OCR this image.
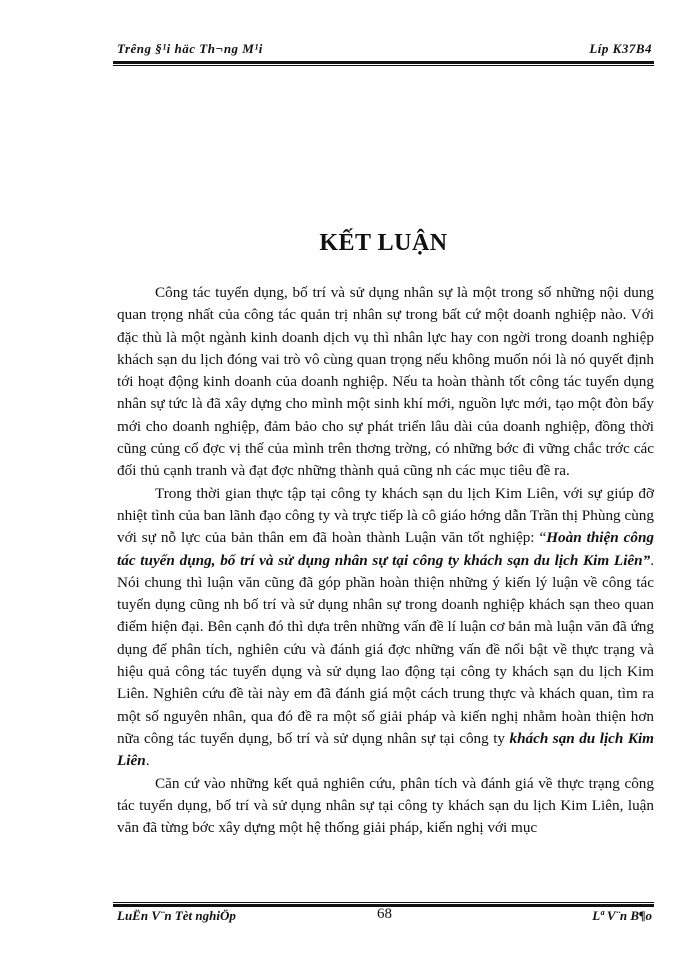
Trêng §¹i häc Th¬ng M¹i	Líp K37B4
KẾT LUẬN

Công tác tuyển dụng, bố trí và sử dụng nhân sự là một trong số những nội dung quan trọng nhất của công tác quản trị nhân sự trong bất cứ một doanh nghiệp nào. Với đặc thù là một ngành kinh doanh dịch vụ thì nhân lực hay con ngời trong doanh nghiệp khách sạn du lịch đóng vai trò vô cùng quan trọng nếu không muốn nói là nó quyết định tới hoạt động kinh doanh của doanh nghiệp. Nếu ta hoàn thành tốt công tác tuyển dụng nhân sự tức là đã xây dựng cho mình một sinh khí mới, nguồn lực mới, tạo một đòn bẩy mới cho doanh nghiệp, đảm bảo cho sự phát triển lâu dài của doanh nghiệp, đồng thời cũng củng cố đợc vị thế của mình trên thơng trờng, có những bớc đi vững chắc trớc các đối thủ cạnh tranh và đạt đợc những thành quả cũng nh các mục tiêu đề ra.

Trong thời gian thực tập tại công ty khách sạn du lịch Kim Liên, với sự giúp đỡ nhiệt tình của ban lãnh đạo công ty và trực tiếp là cô giáo hớng dẫn Trần thị Phùng cùng với sự nỗ lực của bản thân em đã hoàn thành Luận văn tốt nghiệp: “Hoàn thiện công tác tuyển dụng, bố trí và sử dụng nhân sự tại công ty khách sạn du lịch Kim Liên”. Nói chung thì luận văn cũng đã góp phần hoàn thiện những ý kiến lý luận về công tác tuyển dụng cũng nh bố trí và sử dụng nhân sự trong doanh nghiệp khách sạn theo quan điểm hiện đại. Bên cạnh đó thì dựa trên những vấn đề lí luận cơ bản mà luận văn đã ứng dụng để phân tích, nghiên cứu và đánh giá đợc những vấn đề nổi bật về thực trạng và hiệu quả công tác tuyển dụng và sử dụng lao động tại công ty khách sạn du lịch Kim Liên. Nghiên cứu đề tài này em đã đánh giá một cách trung thực và khách quan, tìm ra một số nguyên nhân, qua đó đề ra một số giải pháp và kiến nghị nhằm hoàn thiện hơn nữa công tác tuyển dụng, bố trí và sử dụng nhân sự tại công ty khách sạn du lịch Kim Liên.

Căn cứ vào những kết quả nghiên cứu, phân tích và đánh giá về thực trạng công tác tuyển dụng, bố trí và sử dụng nhân sự tại công ty khách sạn du lịch Kim Liên, luận văn đã từng bớc xây dựng một hệ thống giải pháp, kiến nghị với mục

LuËn V¨n Tèt nghiÖp	68	Lª V¨n B¶o
